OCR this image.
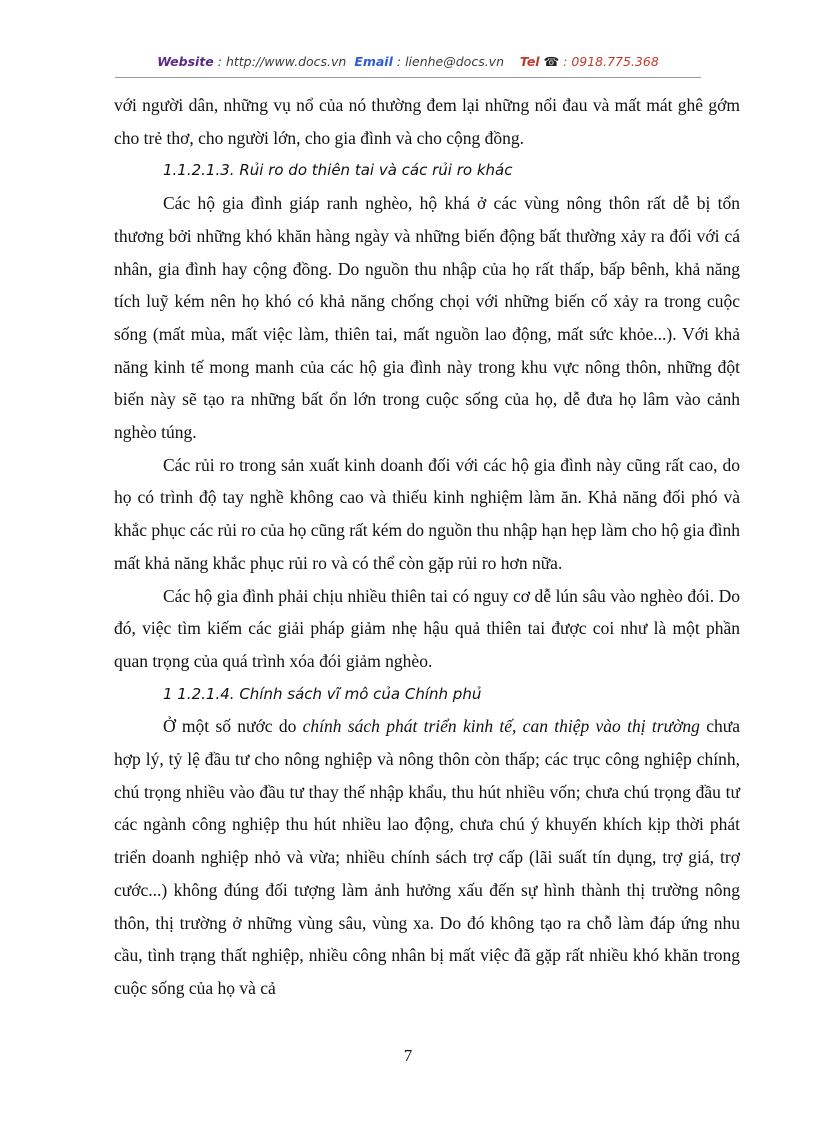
Website : http://www.docs.vn Email : lienhe@docs.vn Tel ☎ : 0918.775.368

với người dân, những vụ nổ của nó thường đem lại những nổi đau và mất mát ghê gớm cho trẻ thơ, cho người lớn, cho gia đình và cho cộng đồng.

1.1.2.1.3. Rủi ro do thiên tai và các rủi ro khác

Các hộ gia đình giáp ranh nghèo, hộ khá ở các vùng nông thôn rất dễ bị tổn thương bởi những khó khăn hàng ngày và những biến động bất thường xảy ra đối với cá nhân, gia đình hay cộng đồng. Do nguồn thu nhập của họ rất thấp, bấp bênh, khả năng tích luỹ kém nên họ khó có khả năng chống chọi với những biến cố xảy ra trong cuộc sống (mất mùa, mất việc làm, thiên tai, mất nguồn lao động, mất sức khỏe...). Với khả năng kinh tế mong manh của các hộ gia đình này trong khu vực nông thôn, những đột biến này sẽ tạo ra những bất ổn lớn trong cuộc sống của họ, dễ đưa họ lâm vào cảnh nghèo túng.

Các rủi ro trong sản xuất kinh doanh đối với các hộ gia đình này cũng rất cao, do họ có trình độ tay nghề không cao và thiếu kinh nghiệm làm ăn. Khả năng đối phó và khắc phục các rủi ro của họ cũng rất kém do nguồn thu nhập hạn hẹp làm cho hộ gia đình mất khả năng khắc phục rủi ro và có thể còn gặp rủi ro hơn nữa.

Các hộ gia đình phải chịu nhiều thiên tai có nguy cơ dễ lún sâu vào nghèo đói. Do đó, việc tìm kiếm các giải pháp giảm nhẹ hậu quả thiên tai được coi như là một phần quan trọng của quá trình xóa đói giảm nghèo.

1 1.2.1.4. Chính sách vĩ mô của Chính phủ

Ở một số nước do chính sách phát triển kinh tế, can thiệp vào thị trường chưa hợp lý, tỷ lệ đầu tư cho nông nghiệp và nông thôn còn thấp; các trục công nghiệp chính, chú trọng nhiều vào đầu tư thay thế nhập khẩu, thu hút nhiều vốn; chưa chú trọng đầu tư các ngành công nghiệp thu hút nhiều lao động, chưa chú ý khuyến khích kịp thời phát triển doanh nghiệp nhỏ và vừa; nhiều chính sách trợ cấp (lãi suất tín dụng, trợ giá, trợ cước...) không đúng đối tượng làm ảnh hưởng xấu đến sự hình thành thị trường nông thôn, thị trường ở những vùng sâu, vùng xa. Do đó không tạo ra chỗ làm đáp ứng nhu cầu, tình trạng thất nghiệp, nhiều công nhân bị mất việc đã gặp rất nhiều khó khăn trong cuộc sống của họ và cả

7
